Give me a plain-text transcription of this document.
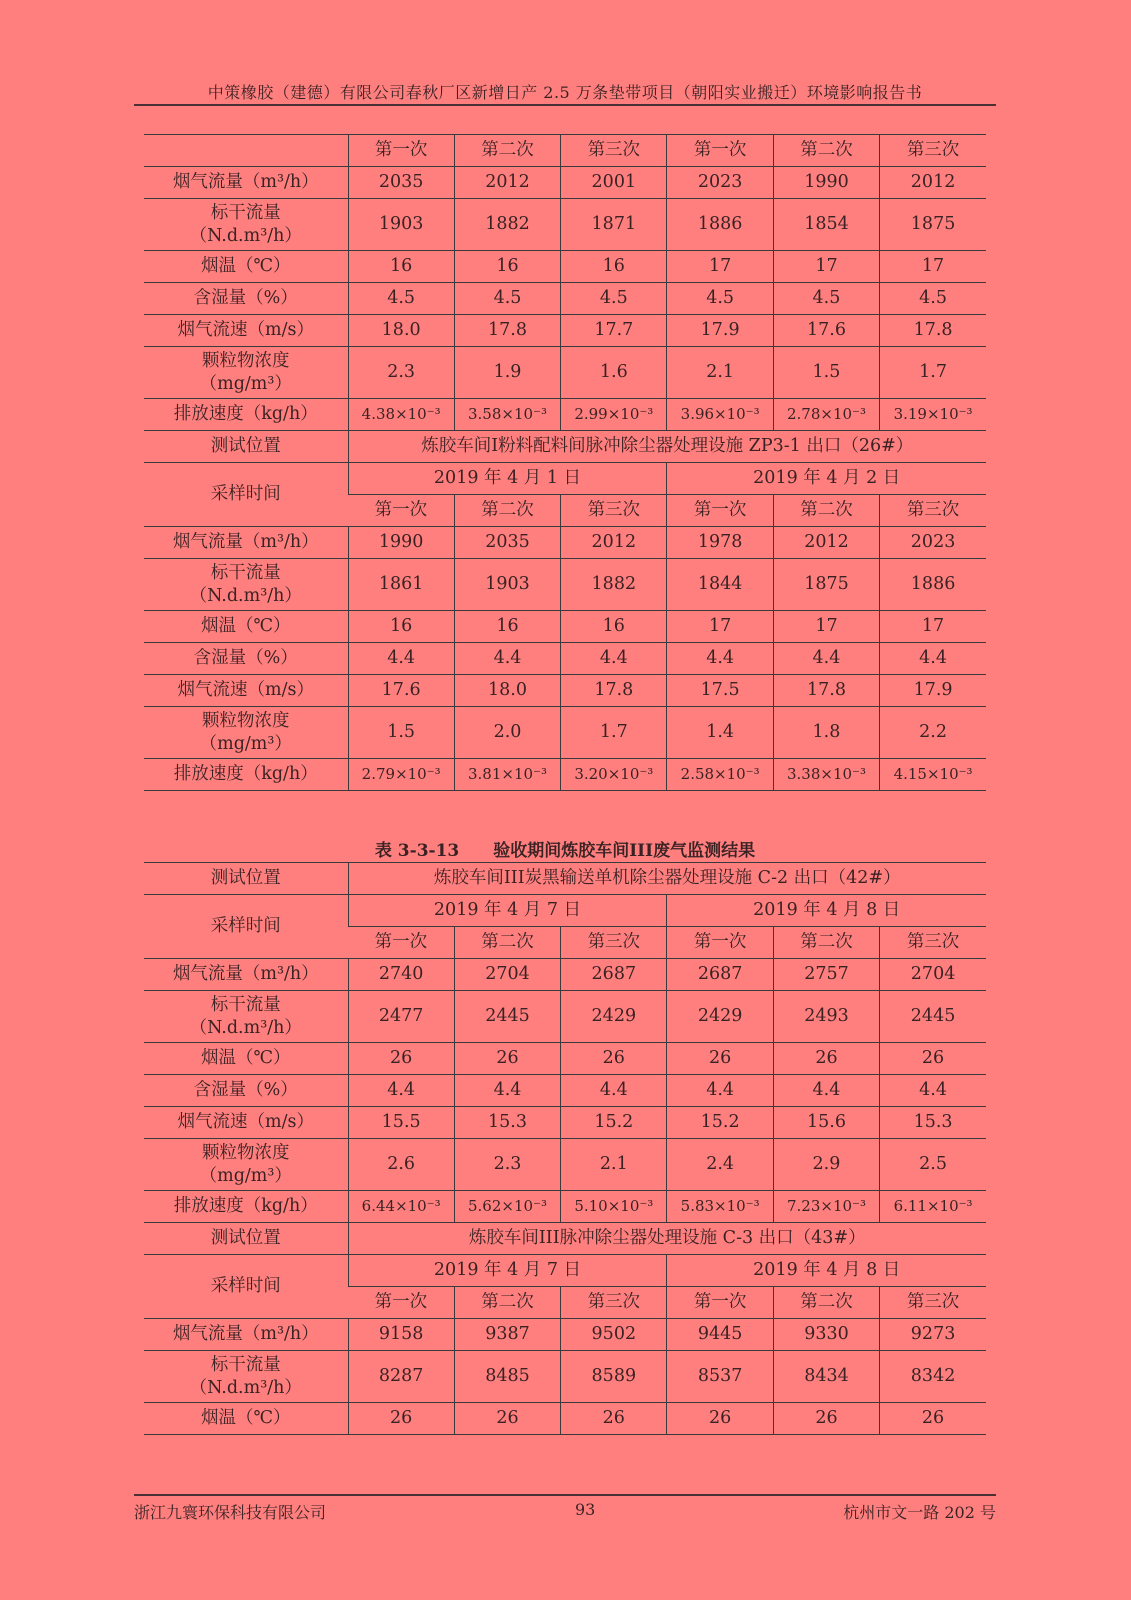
中策橡胶（建德）有限公司春秋厂区新增日产 2.5 万条垫带项目（朝阳实业搬迁）环境影响报告书
	第一次	第二次	第三次	第一次	第二次	第三次
烟气流量（m³/h）	2035	2012	2001	2023	1990	2012
标干流量
（N.d.m³/h）	1903	1882	1871	1886	1854	1875
烟温（℃）	16	16	16	17	17	17
含湿量（%）	4.5	4.5	4.5	4.5	4.5	4.5
烟气流速（m/s）	18.0	17.8	17.7	17.9	17.6	17.8
颗粒物浓度
（mg/m³）	2.3	1.9	1.6	2.1	1.5	1.7
排放速度（kg/h）	4.38×10⁻³	3.58×10⁻³	2.99×10⁻³	3.96×10⁻³	2.78×10⁻³	3.19×10⁻³
测试位置	炼胶车间I粉料配料间脉冲除尘器处理设施 ZP3-1 出口（26#）					
采样时间	2019 年 4 月 1 日			2019 年 4 月 2 日		
	第一次	第二次	第三次	第一次	第二次	第三次
烟气流量（m³/h）	1990	2035	2012	1978	2012	2023
标干流量
（N.d.m³/h）	1861	1903	1882	1844	1875	1886
烟温（℃）	16	16	16	17	17	17
含湿量（%）	4.4	4.4	4.4	4.4	4.4	4.4
烟气流速（m/s）	17.6	18.0	17.8	17.5	17.8	17.9
颗粒物浓度
（mg/m³）	1.5	2.0	1.7	1.4	1.8	2.2
排放速度（kg/h）	2.79×10⁻³	3.81×10⁻³	3.20×10⁻³	2.58×10⁻³	3.38×10⁻³	4.15×10⁻³
表 3-3-13　　验收期间炼胶车间III废气监测结果
测试位置	炼胶车间III炭黑输送单机除尘器处理设施 C-2 出口（42#）					
采样时间	2019 年 4 月 7 日			2019 年 4 月 8 日		
	第一次	第二次	第三次	第一次	第二次	第三次
烟气流量（m³/h）	2740	2704	2687	2687	2757	2704
标干流量
（N.d.m³/h）	2477	2445	2429	2429	2493	2445
烟温（℃）	26	26	26	26	26	26
含湿量（%）	4.4	4.4	4.4	4.4	4.4	4.4
烟气流速（m/s）	15.5	15.3	15.2	15.2	15.6	15.3
颗粒物浓度
（mg/m³）	2.6	2.3	2.1	2.4	2.9	2.5
排放速度（kg/h）	6.44×10⁻³	5.62×10⁻³	5.10×10⁻³	5.83×10⁻³	7.23×10⁻³	6.11×10⁻³
测试位置	炼胶车间III脉冲除尘器处理设施 C-3 出口（43#）					
采样时间	2019 年 4 月 7 日			2019 年 4 月 8 日		
	第一次	第二次	第三次	第一次	第二次	第三次
烟气流量（m³/h）	9158	9387	9502	9445	9330	9273
标干流量
（N.d.m³/h）	8287	8485	8589	8537	8434	8342
烟温（℃）	26	26	26	26	26	26
浙江九寰环保科技有限公司	93	杭州市文一路 202 号
